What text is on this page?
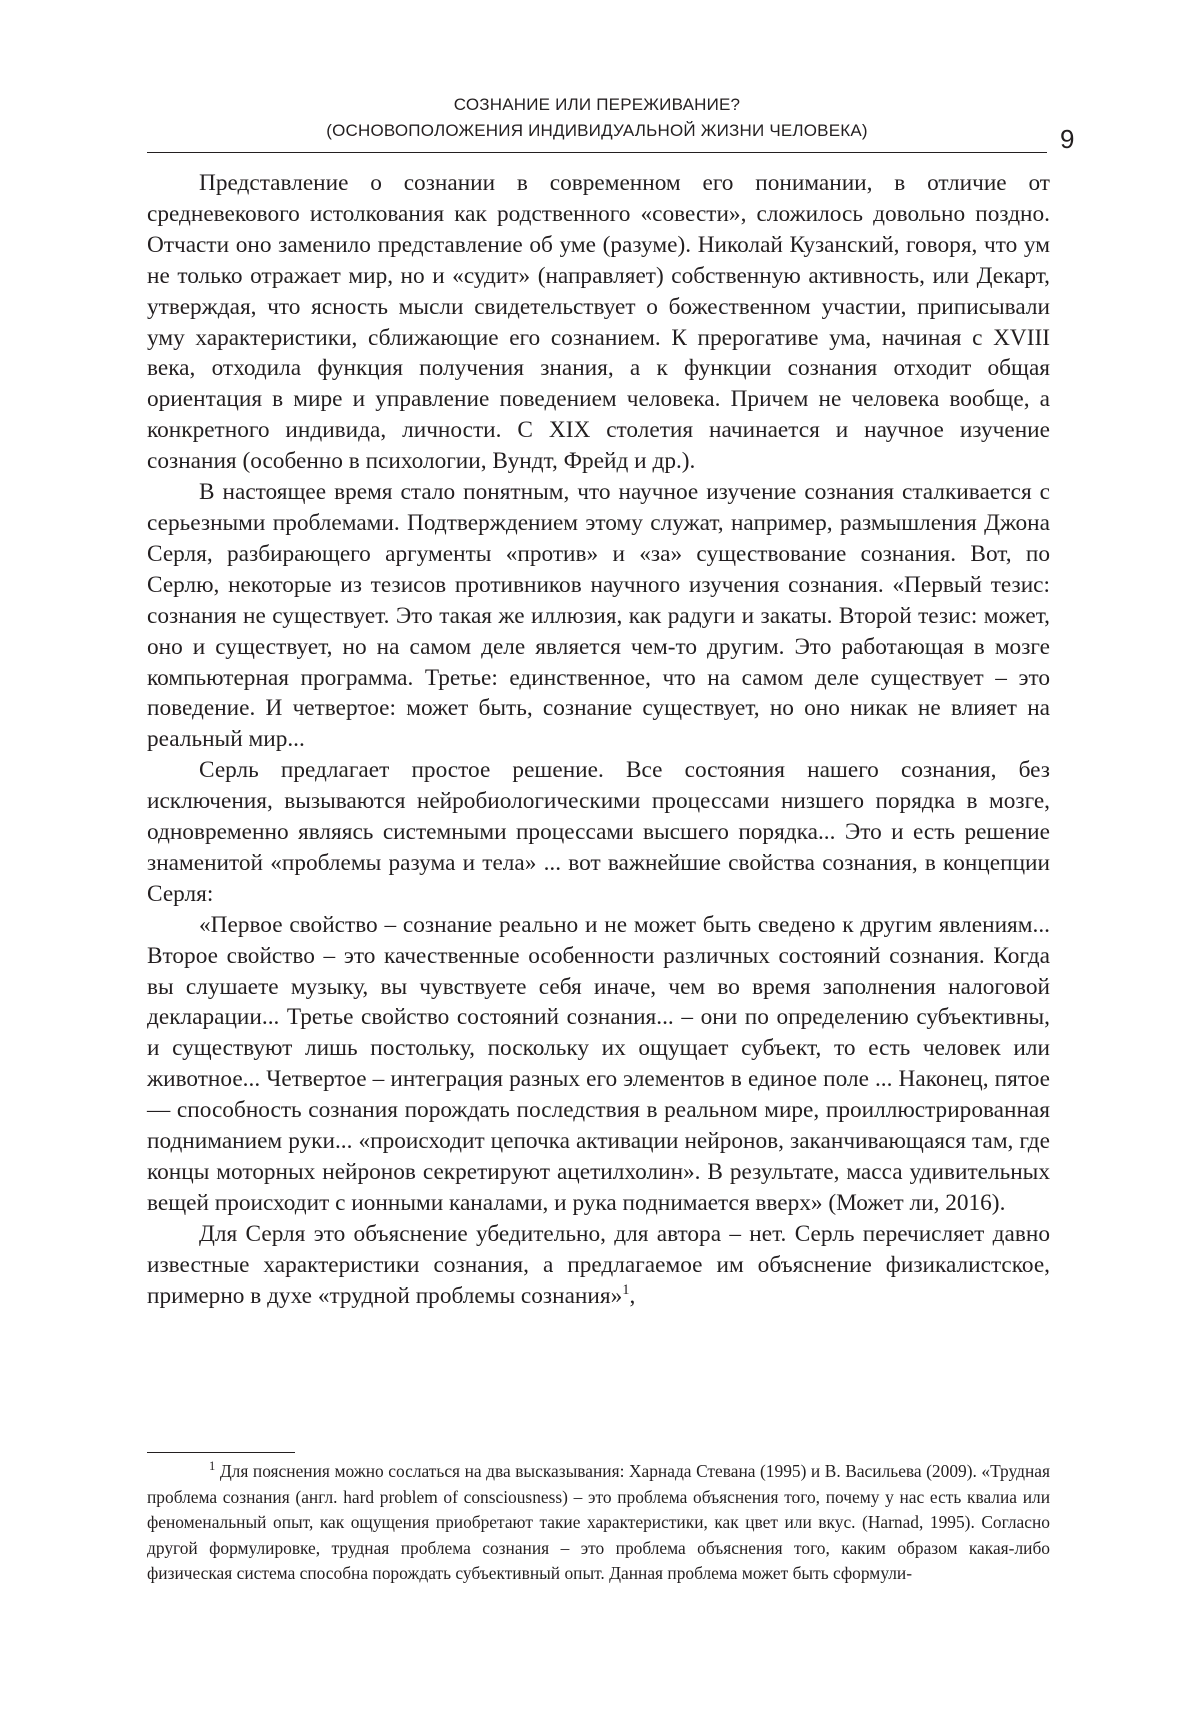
СОЗНАНИЕ ИЛИ ПЕРЕЖИВАНИЕ?
(ОСНОВОПОЛОЖЕНИЯ ИНДИВИДУАЛЬНОЙ ЖИЗНИ ЧЕЛОВЕКА)	9

Представление о сознании в современном его понимании, в отличие от средневекового истолкования как родственного «совести», сложилось довольно поздно. Отчасти оно заменило представление об уме (разуме). Николай Кузанский, говоря, что ум не только отражает мир, но и «судит» (направляет) собственную активность, или Декарт, утверждая, что ясность мысли свидетельствует о божественном участии, приписывали уму характеристики, сближающие его сознанием. К прерогативе ума, начиная с XVIII века, отходила функция получения знания, а к функции сознания отходит общая ориентация в мире и управление поведением человека. Причем не человека вообще, а конкретного индивида, личности. С XIX столетия начинается и научное изучение сознания (особенно в психологии, Вундт, Фрейд и др.).

В настоящее время стало понятным, что научное изучение сознания сталкивается с серьезными проблемами. Подтверждением этому служат, например, размышления Джона Серля, разбирающего аргументы «против» и «за» существование сознания. Вот, по Серлю, некоторые из тезисов противников научного изучения сознания. «Первый тезис: сознания не существует. Это такая же иллюзия, как радуги и закаты. Второй тезис: может, оно и существует, но на самом деле является чем-то другим. Это работающая в мозге компьютерная программа. Третье: единственное, что на самом деле существует – это поведение. И четвертое: может быть, сознание существует, но оно никак не влияет на реальный мир...

Серль предлагает простое решение. Все состояния нашего сознания, без исключения, вызываются нейробиологическими процессами низшего порядка в мозге, одновременно являясь системными процессами высшего порядка... Это и есть решение знаменитой «проблемы разума и тела» ... вот важнейшие свойства сознания, в концепции Серля:

«Первое свойство – сознание реально и не может быть сведено к другим явлениям... Второе свойство – это качественные особенности различных состояний сознания. Когда вы слушаете музыку, вы чувствуете себя иначе, чем во время заполнения налоговой декларации... Третье свойство состояний сознания... – они по определению субъективны, и существуют лишь постольку, поскольку их ощущает субъект, то есть человек или животное... Четвертое – интеграция разных его элементов в единое поле ... Наконец, пятое — способность сознания порождать последствия в реальном мире, проиллюстрированная подниманием руки... «происходит цепочка активации нейронов, заканчивающаяся там, где концы моторных нейронов секретируют ацетилхолин». В результате, масса удивительных вещей происходит с ионными каналами, и рука поднимается вверх» (Может ли, 2016).

Для Серля это объяснение убедительно, для автора – нет. Серль перечисляет давно известные характеристики сознания, а предлагаемое им объяснение физикалистское, примерно в духе «трудной проблемы сознания»$^1$,

$^1$ Для пояснения можно сослаться на два высказывания: Харнада Стевана (1995) и В. Васильева (2009). «Трудная проблема сознания (англ. hard problem of consciousness) – это проблема объяснения того, почему у нас есть квалиа или феноменальный опыт, как ощущения приобретают такие характеристики, как цвет или вкус. (Harnad, 1995). Согласно другой формулировке, трудная проблема сознания – это проблема объяснения того, каким образом какая-либо физическая система способна порождать субъективный опыт. Данная проблема может быть сформули-
